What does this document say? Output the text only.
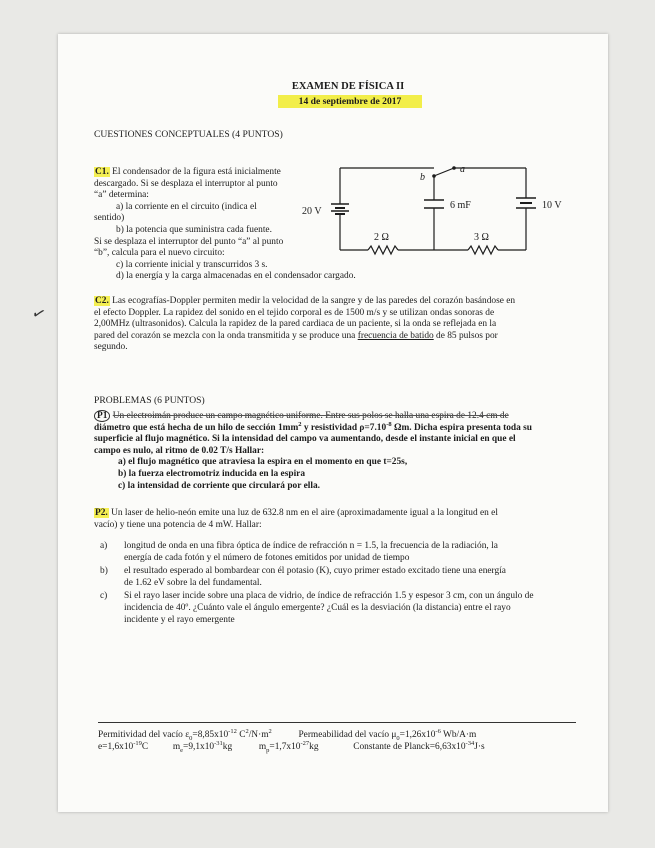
EXAMEN DE FÍSICA II
14 de septiembre de 2017
CUESTIONES CONCEPTUALES (4 PUNTOS)
C1. El condensador de la figura está inicialmente
descargado. Si se desplaza el interruptor al punto
“a” determina:
a) la corriente en el circuito (indica el
sentido)
b) la potencia que suministra cada fuente.
Si se desplaza el interruptor del punto “a” al punto
“b”, calcula para el nuevo circuito:
c) la corriente inicial y transcurridos 3 s.
d) la energía y la carga almacenadas en el condensador cargado.
20 V
10 V
6 mF
2 Ω	3 Ω
a
b
✓
C2. Las ecografías-Doppler permiten medir la velocidad de la sangre y de las paredes del corazón basándose en
el efecto Doppler. La rapidez del sonido en el tejido corporal es de 1500 m/s y se utilizan ondas sonoras de
2,00MHz (ultrasonidos). Calcula la rapidez de la pared cardiaca de un paciente, si la onda se reflejada en la
pared del corazón se mezcla con la onda transmitida y se produce una frecuencia de batido de 85 pulsos por
segundo.
PROBLEMAS (6 PUNTOS)
P1 Un electroimán produce un campo magnético uniforme. Entre sus polos se halla una espira de 12.4 cm de
diámetro que está hecha de un hilo de sección $1mm^2$ y resistividad $\rho=7.10^{-8}$ Ωm. Dicha espira presenta toda su
superficie al flujo magnético. Si la intensidad del campo va aumentando, desde el instante inicial en que el
campo es nulo, al ritmo de 0.02 T/s Hallar:
a) el flujo magnético que atraviesa la espira en el momento en que t=25s,
b) la fuerza electromotriz inducida en la espira
c) la intensidad de corriente que circulará por ella.
P2. Un laser de helio-neón emite una luz de 632.8 nm en el aire (aproximadamente igual a la longitud en el
vacío) y tiene una potencia de 4 mW. Hallar:
a)	longitud de onda en una fibra óptica de índice de refracción n = 1.5, la frecuencia de la radiación, la
energía de cada fotón y el número de fotones emitidos por unidad de tiempo
b)	el resultado esperado al bombardear con él potasio (K), cuyo primer estado excitado tiene una energía
de 1.62 eV sobre la del fundamental.
c)	Si el rayo laser incide sobre una placa de vidrio, de índice de refracción 1.5 y espesor 3 cm, con un ángulo de
incidencia de 40º. ¿Cuánto vale el ángulo emergente? ¿Cuál es la desviación (la distancia) entre el rayo
incidente y el rayo emergente
Permitividad del vacío $\varepsilon_0=8,85x10^{-12}$ $C^2/N\cdot m^2$	Permeabilidad del vacío $\mu_0=1,26x10^{-6}$ Wb/A·m
$e=1,6x10^{-19}C$	$m_e=9,1x10^{-31}kg$	$m_p=1,7x10^{-27}kg$	Constante de $Planck=6,63x10^{-34}J\cdot s$
